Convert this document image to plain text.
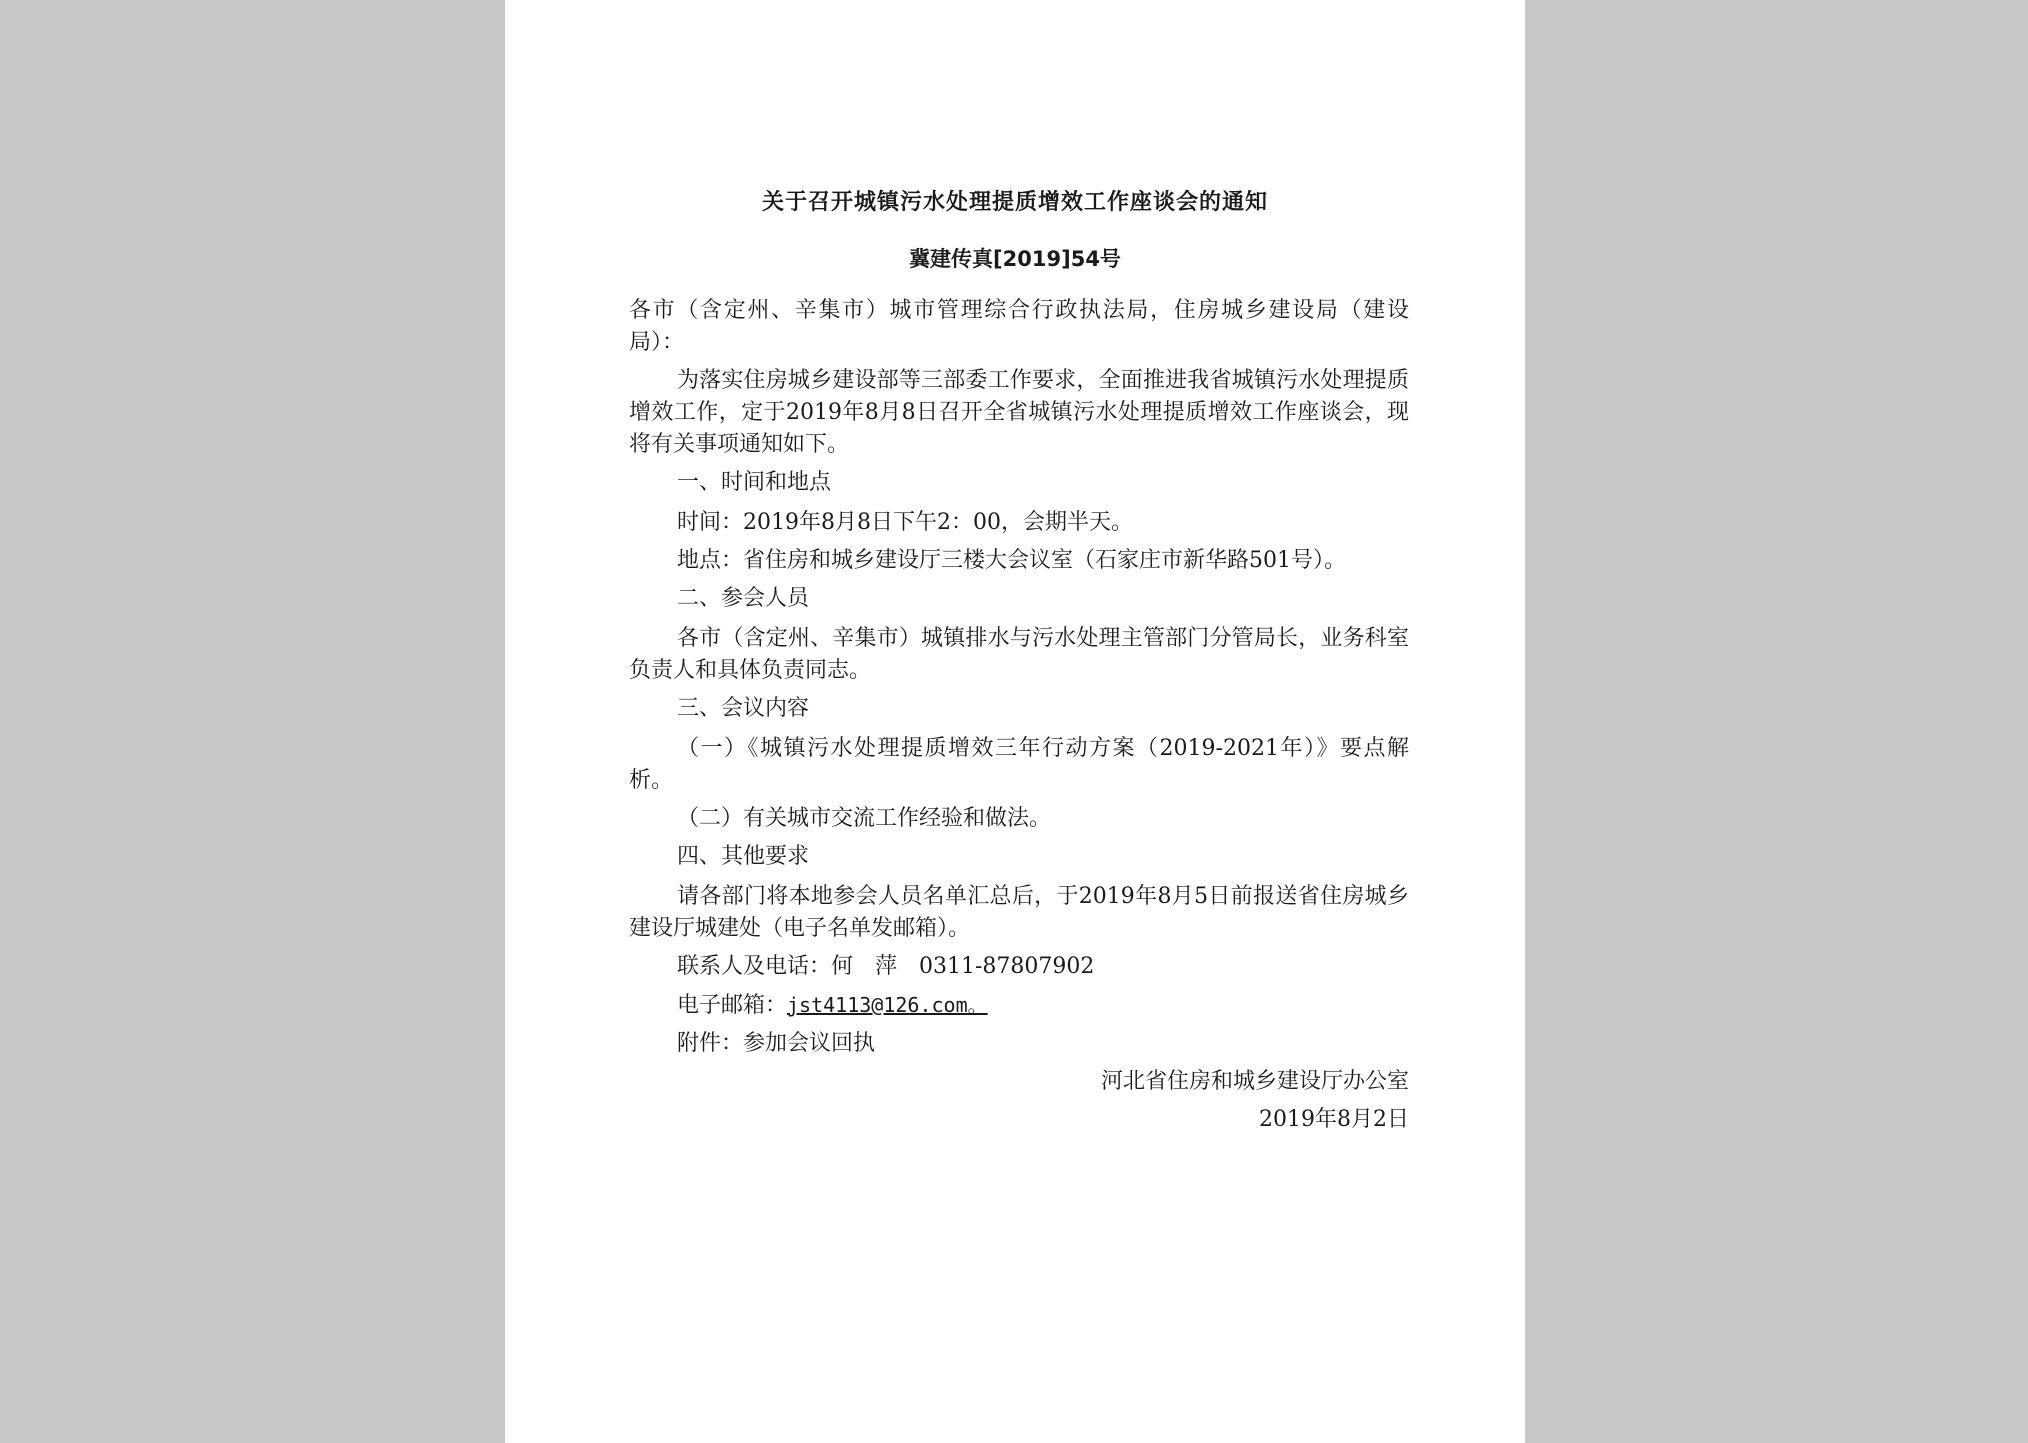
关于召开城镇污水处理提质增效工作座谈会的通知
冀建传真[2019]54号

各市（含定州、辛集市）城市管理综合行政执法局，住房城乡建设局（建设局）：

为落实住房城乡建设部等三部委工作要求，全面推进我省城镇污水处理提质增效工作，定于2019年8月8日召开全省城镇污水处理提质增效工作座谈会，现将有关事项通知如下。

一、时间和地点

时间：2019年8月8日下午2：00，会期半天。

地点：省住房和城乡建设厅三楼大会议室（石家庄市新华路501号）。

二、参会人员

各市（含定州、辛集市）城镇排水与污水处理主管部门分管局长，业务科室负责人和具体负责同志。

三、会议内容

（一）《城镇污水处理提质增效三年行动方案（2019-2021年）》要点解析。

（二）有关城市交流工作经验和做法。

四、其他要求

请各部门将本地参会人员名单汇总后，于2019年8月5日前报送省住房城乡建设厅城建处（电子名单发邮箱）。

联系人及电话：何　萍　0311-87807902

电子邮箱：jst4113@126.com。

附件：参加会议回执

河北省住房和城乡建设厅办公室

2019年8月2日
